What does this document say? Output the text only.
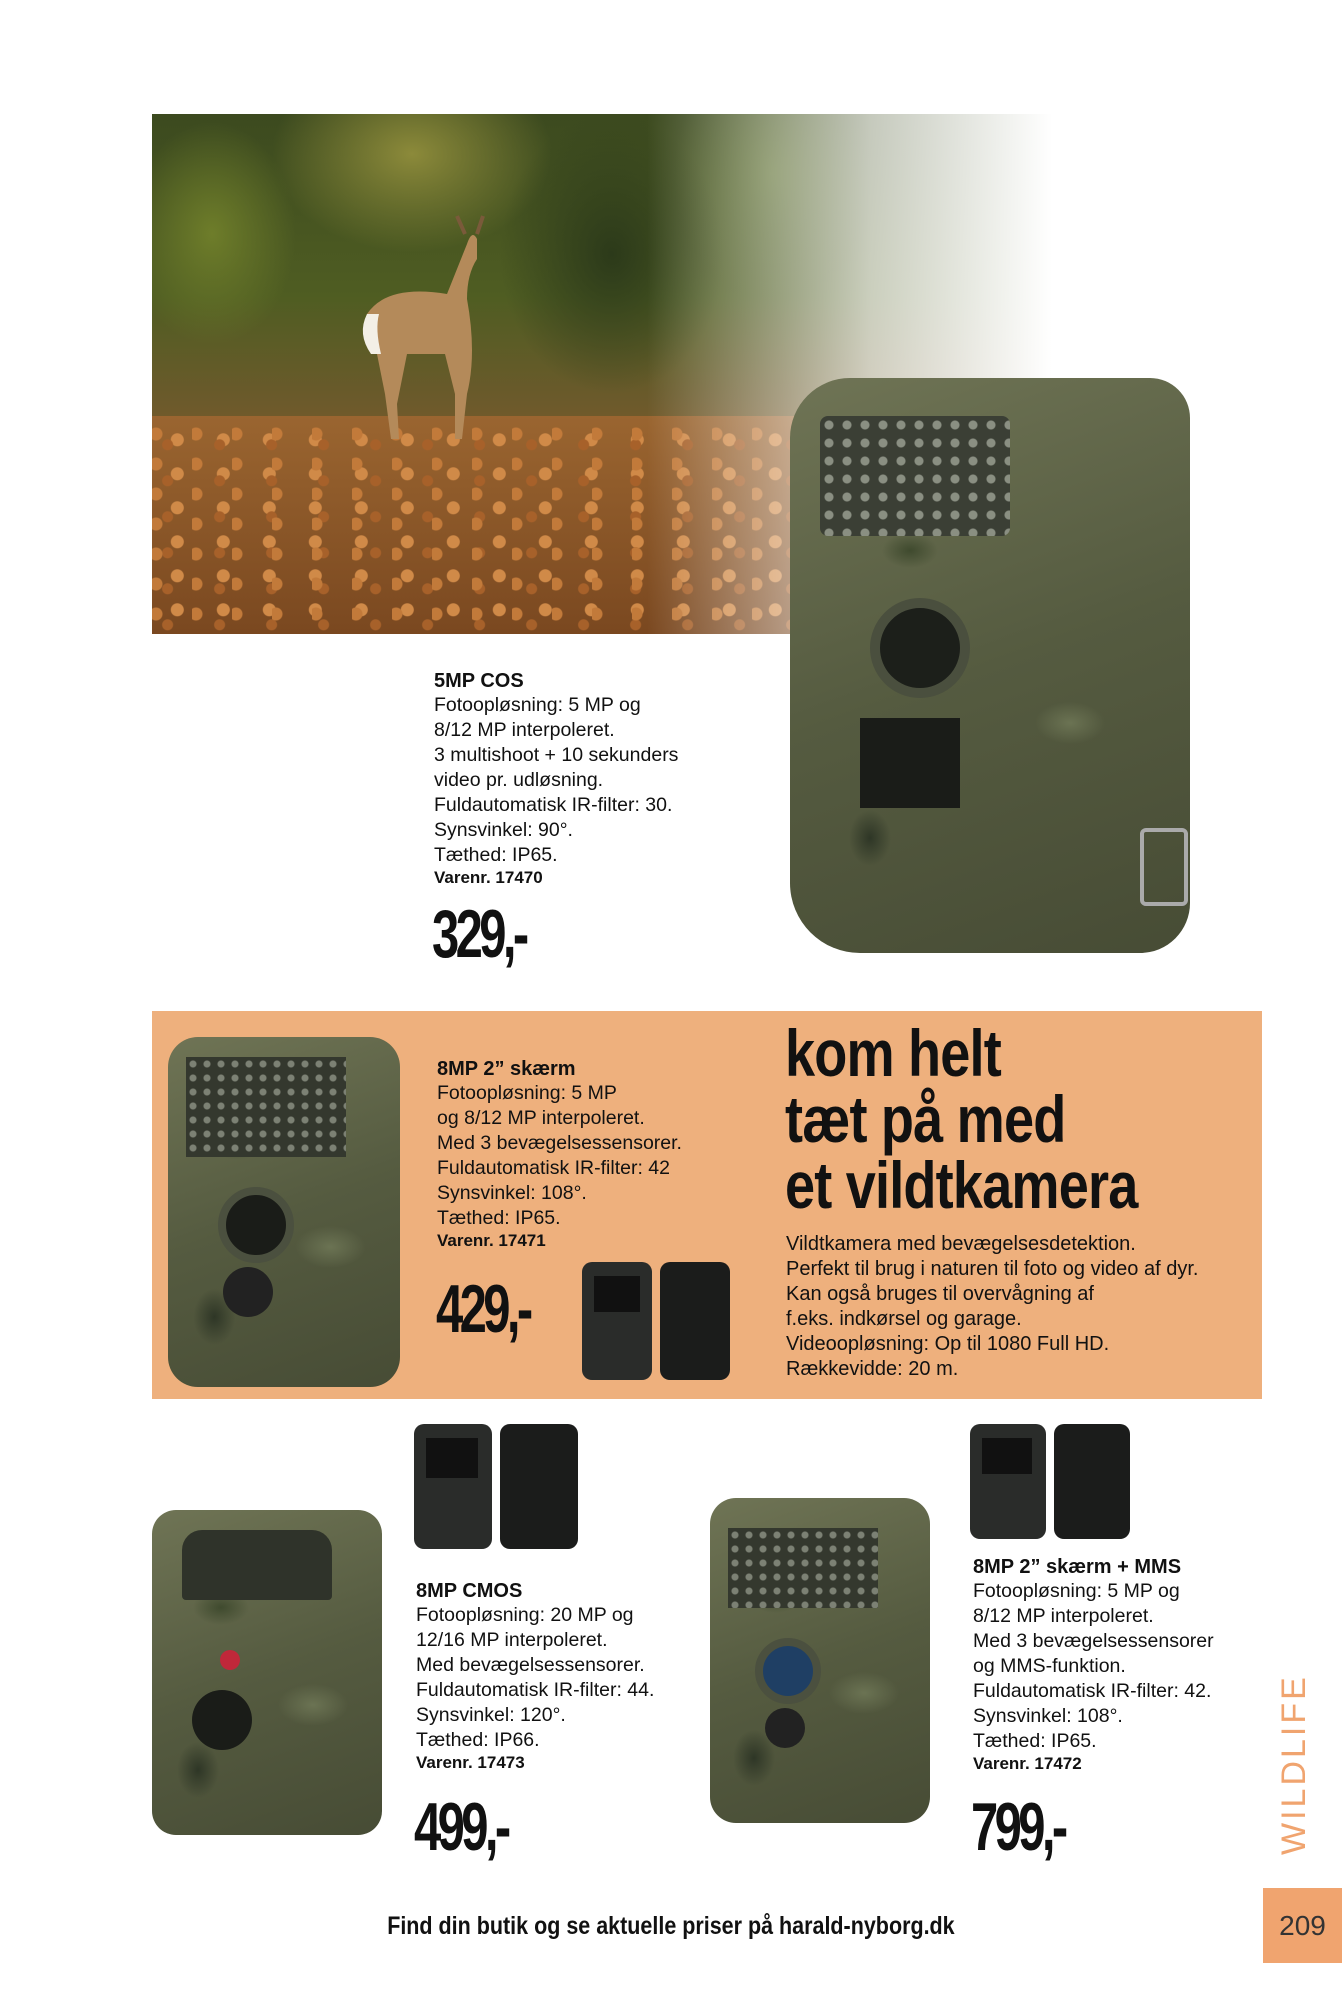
5MP COS

Fotoopløsning: 5 MP og

8/12 MP interpoleret.

3 multishoot + 10 sekunders

video pr. udløsning.

Fuldautomatisk IR-filter: 30.

Synsvinkel: 90°.

Tæthed: IP65.

Varenr. 17470

329,-

8MP 2” skærm

Fotoopløsning: 5 MP

og 8/12 MP interpoleret.

Med 3 bevægelsessensorer.

Fuldautomatisk IR-filter: 42

Synsvinkel: 108°.

Tæthed: IP65.

Varenr. 17471

429,-
kom helt
tæt på med
et vildtkamera
Vildtkamera med bevægelsesdetektion.
Perfekt til brug i naturen til foto og video af dyr.
Kan også bruges til overvågning af
f.eks. indkørsel og garage.
Videoopløsning: Op til 1080 Full HD.
Rækkevidde: 20 m.

8MP CMOS

Fotoopløsning: 20 MP og

12/16 MP interpoleret.

Med bevægelsessensorer.

Fuldautomatisk IR-filter: 44.

Synsvinkel: 120°.

Tæthed: IP66.

Varenr. 17473

499,-

8MP 2” skærm + MMS

Fotoopløsning: 5 MP og

8/12 MP interpoleret.

Med 3 bevægelsessensorer

og MMS-funktion.

Fuldautomatisk IR-filter: 42.

Synsvinkel: 108°.

Tæthed: IP65.

Varenr. 17472

799,-	WILDLIFE
Find din butik og se aktuelle priser på harald-nyborg.dk	209
